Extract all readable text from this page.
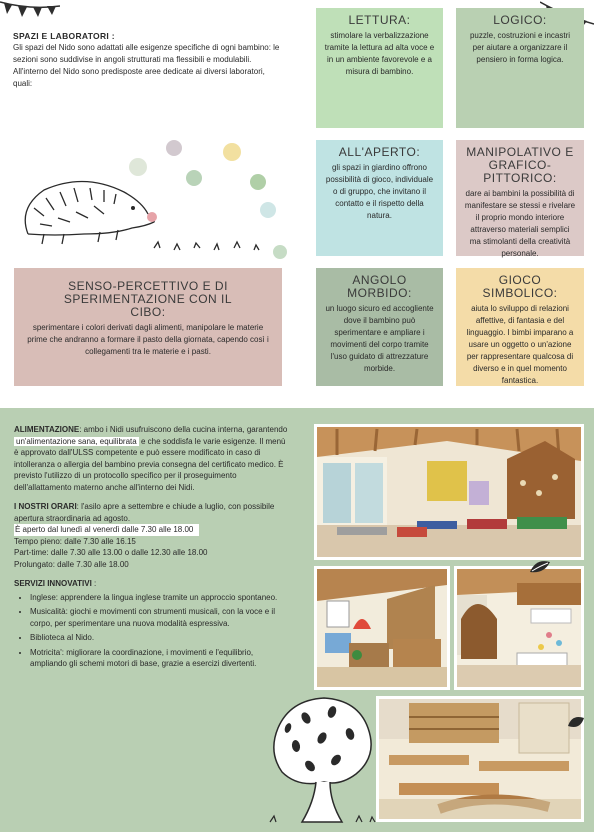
SPAZI E LABORATORI :
Gli spazi del Nido sono adattati alle esigenze specifiche di ogni bambino: le sezioni sono suddivise in angoli strutturati ma flessibili e modulabili.
All'interno del Nido sono predisposte aree dedicate ai diversi laboratori, quali:
LETTURA:
stimolare la verbalizzazione tramite la lettura ad alta voce e in un ambiente favorevole e a misura di bambino.
LOGICO:
puzzle, costruzioni e incastri per aiutare a organizzare il pensiero in forma logica.
ALL'APERTO:
gli spazi in giardino offrono possibilità di gioco, individuale o di gruppo, che invitano il contatto e il rispetto della natura.
MANIPOLATIVO E GRAFICO-PITTORICO:
dare ai bambini la possibilità di manifestare se stessi e rivelare il proprio mondo interiore attraverso materiali semplici ma stimolanti della creatività personale.
SENSO-PERCETTIVO E DI SPERIMENTAZIONE CON IL CIBO:
sperimentare i colori derivati dagli alimenti, manipolare le materie prime che andranno a formare il pasto della giornata, capendo così i collegamenti tra le materie e i pasti.
ANGOLO MORBIDO:
un luogo sicuro ed accogliente dove il bambino può sperimentare e ampliare i movimenti del corpo tramite l'uso guidato di attrezzature morbide.
GIOCO SIMBOLICO:
aiuta lo sviluppo di relazioni affettive, di fantasia e del linguaggio. I bimbi imparano a usare un oggetto o un'azione per rappresentare qualcosa di diverso e in quel momento fantastica.

ALIMENTAZIONE: ambo i Nidi usufruiscono della cucina interna, garantendo un'alimentazione sana, equilibrata e che soddisfa le varie esigenze. Il menù è approvato dall'ULSS competente e può essere modificato in caso di intolleranza o allergia del bambino previa consegna del certificato medico. È previsto l'utilizzo di un protocollo specifico per il proseguimento dell'allattamento materno anche all'interno dei Nidi.

I NOSTRI ORARI: l'asilo apre a settembre e chiude a luglio, con possibile apertura straordinaria ad agosto.
È aperto dal lunedì al venerdì dalle 7.30 alle 18.00
Tempo pieno: dalle 7.30 alle 16.15
Part-time: dalle 7.30 alle 13.00 o dalle 12.30 alle 18.00
Prolungato: dalle 7.30 alle 18.00

SERVIZI INNOVATIVI :

• Inglese: apprendere la lingua inglese tramite un approccio spontaneo.
• Musicalità: giochi e movimenti con strumenti musicali, con la voce e il corpo, per sperimentare una nuova modalità espressiva.
• Biblioteca al Nido.
• Motricita': migliorare la coordinazione, i movimenti e l'equilibrio, ampliando gli schemi motori di base, grazie a esercizi divertenti.
